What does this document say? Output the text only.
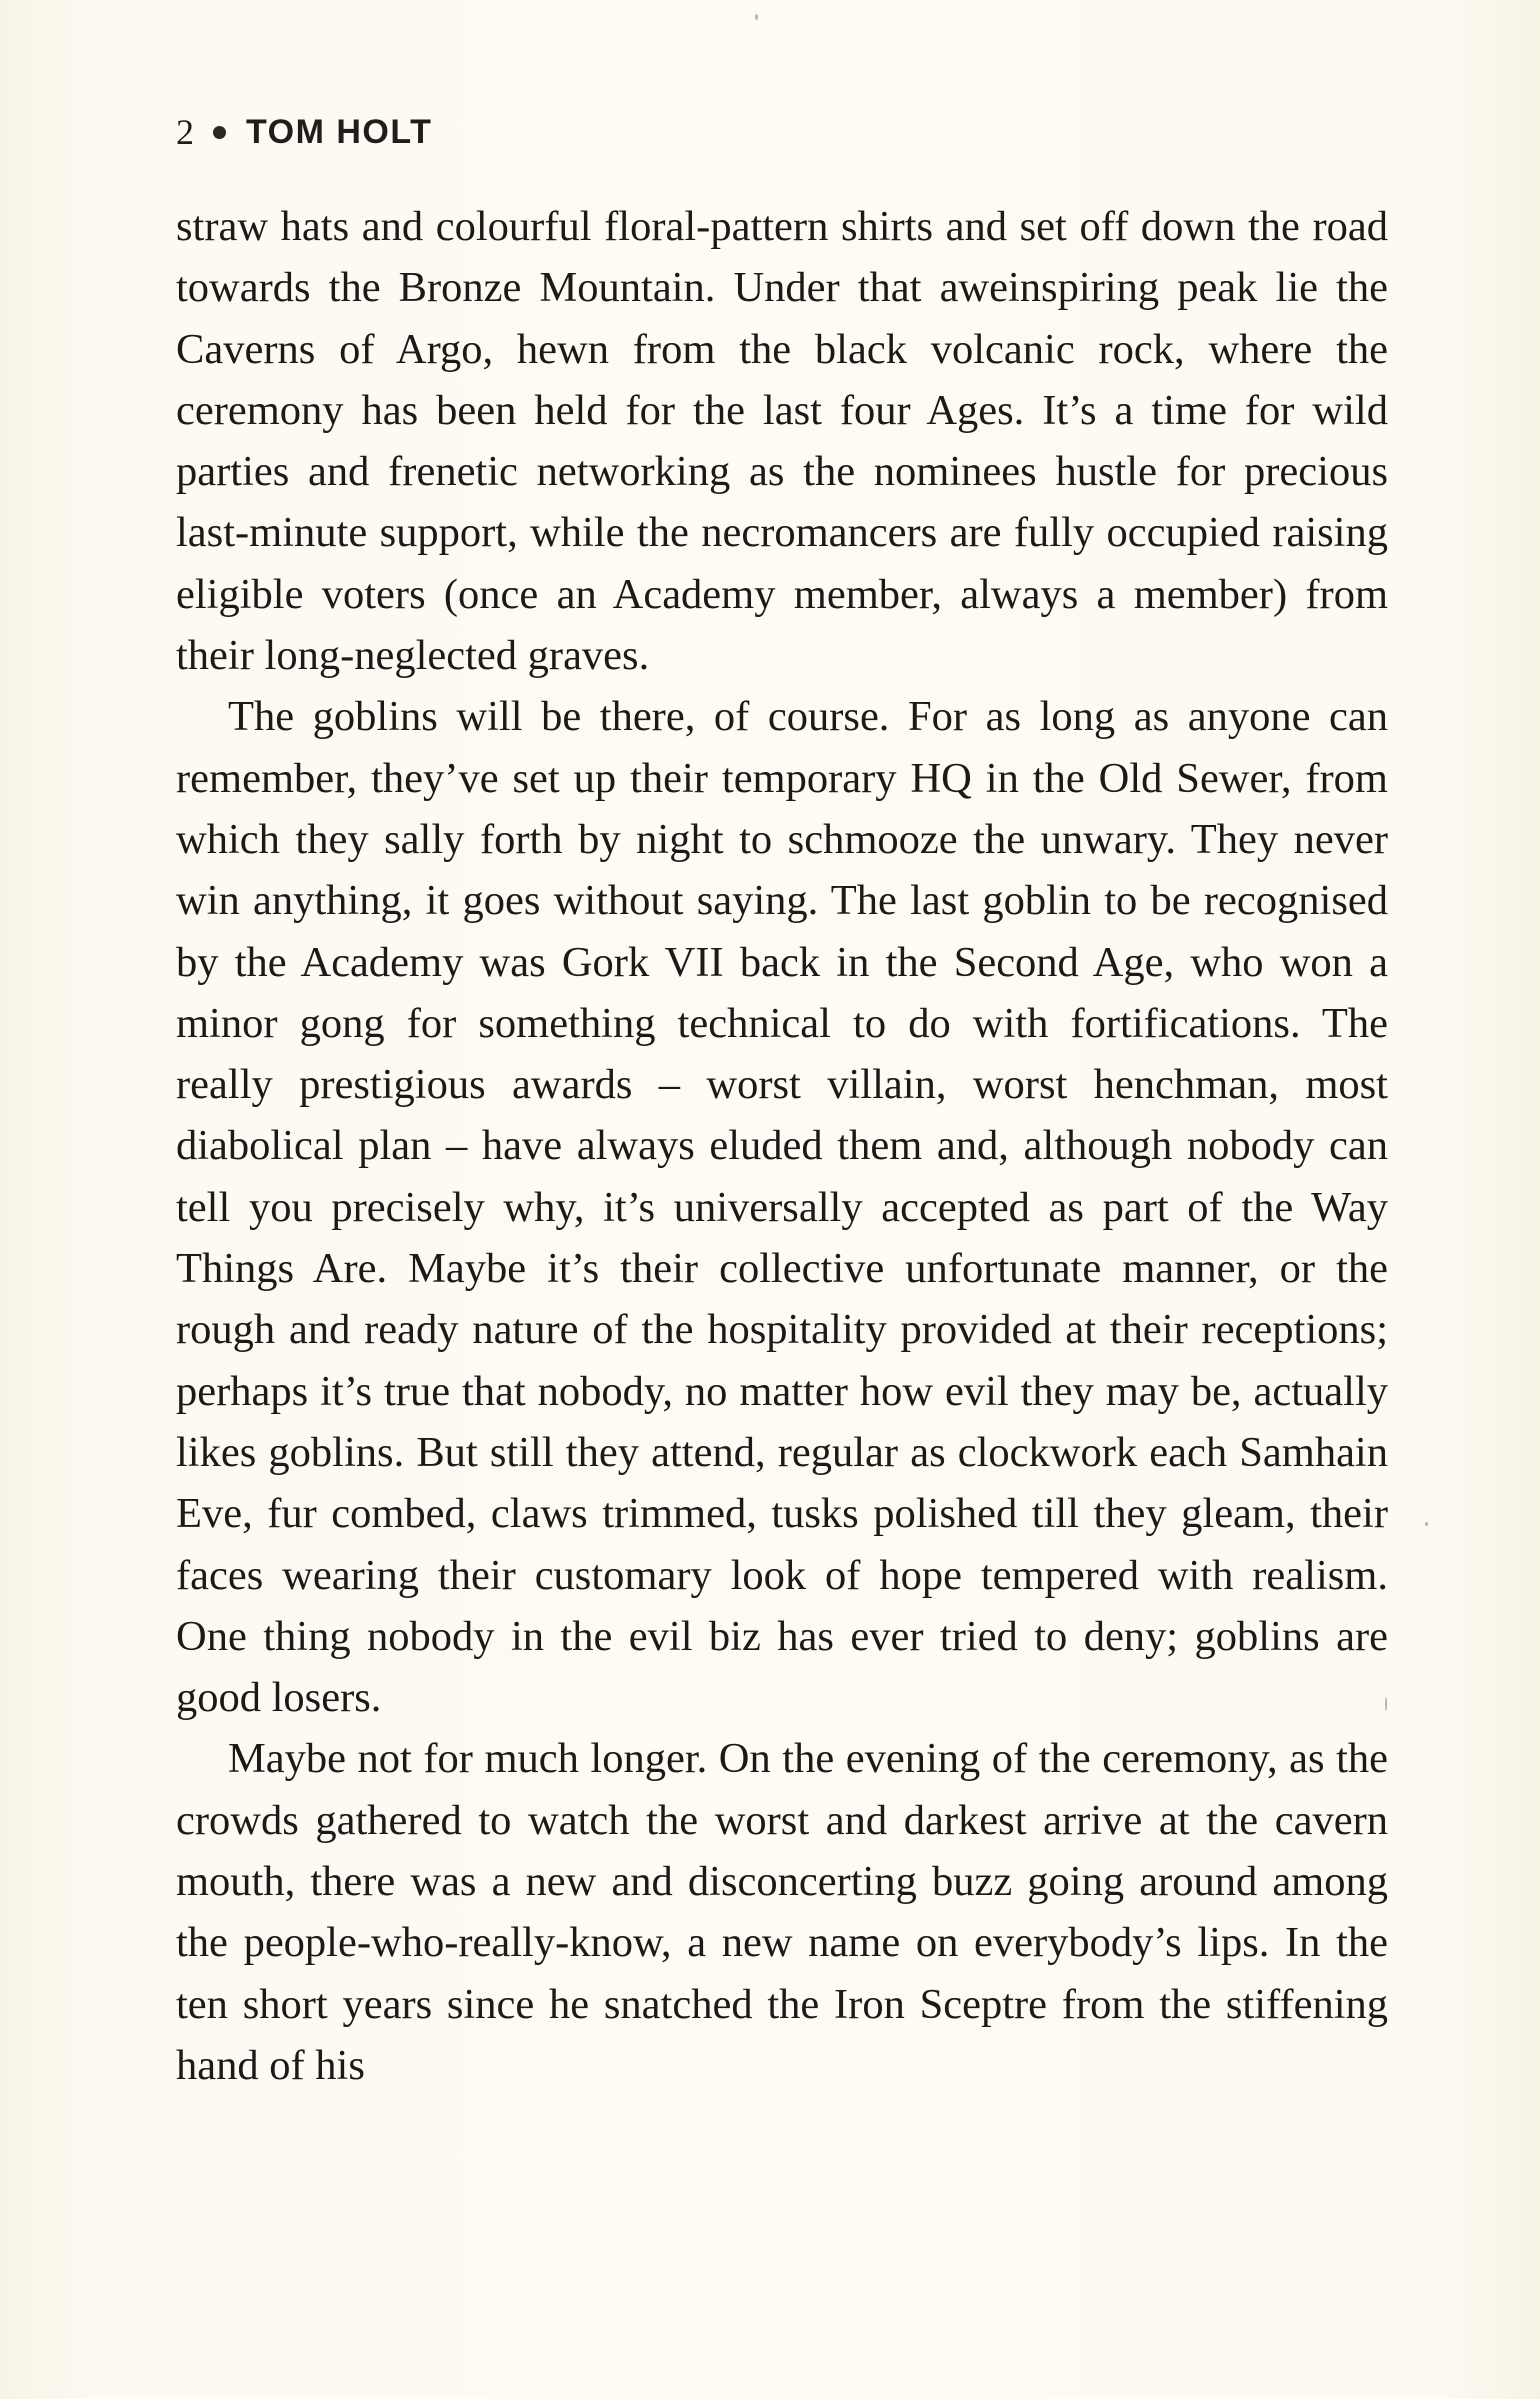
2 TOM HOLT

straw hats and colourful floral-pattern shirts and set off down the road towards the Bronze Mountain. Under that aweinspiring peak lie the Caverns of Argo, hewn from the black volcanic rock, where the ceremony has been held for the last four Ages. It’s a time for wild parties and frenetic networking as the nominees hustle for precious last-minute support, while the necromancers are fully occupied raising eligible voters (once an Academy member, always a member) from their long-neglected graves.

The goblins will be there, of course. For as long as anyone can remember, they’ve set up their temporary HQ in the Old Sewer, from which they sally forth by night to schmooze the unwary. They never win anything, it goes without saying. The last goblin to be recognised by the Academy was Gork VII back in the Second Age, who won a minor gong for something technical to do with fortifications. The really prestigious awards – worst villain, worst henchman, most diabolical plan – have always eluded them and, although nobody can tell you precisely why, it’s universally accepted as part of the Way Things Are. Maybe it’s their collective unfortunate manner, or the rough and ready nature of the hospitality provided at their receptions; perhaps it’s true that nobody, no matter how evil they may be, actually likes goblins. But still they attend, regular as clockwork each Samhain Eve, fur combed, claws trimmed, tusks polished till they gleam, their faces wearing their customary look of hope tempered with realism. One thing nobody in the evil biz has ever tried to deny; goblins are good losers.

Maybe not for much longer. On the evening of the ceremony, as the crowds gathered to watch the worst and darkest arrive at the cavern mouth, there was a new and disconcerting buzz going around among the people-who-really-know, a new name on everybody’s lips. In the ten short years since he snatched the Iron Sceptre from the stiffening hand of his
